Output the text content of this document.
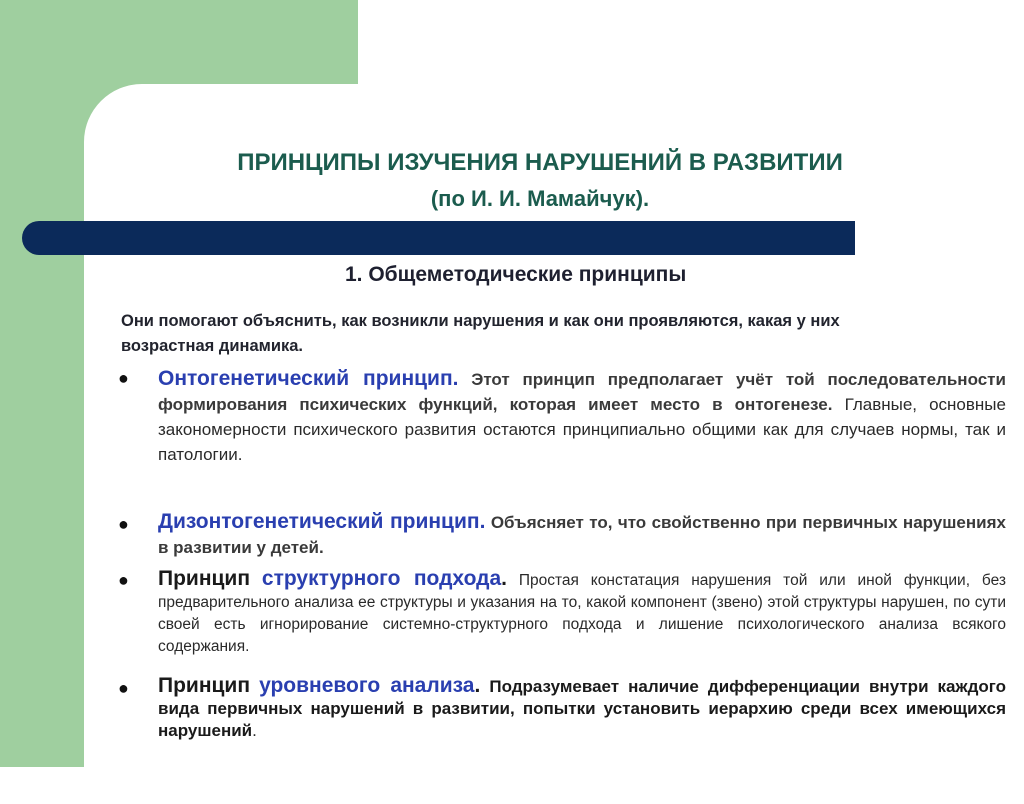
ПРИНЦИПЫ ИЗУЧЕНИЯ НАРУШЕНИЙ В РАЗВИТИИ
(по И. И. Мамайчук).
1. Общеметодические принципы
Они помогают объяснить, как возникли нарушения и как они проявляются, какая у них возрастная динамика.
● Онтогенетический принцип. Этот принцип предполагает учёт той последовательности формирования психических функций, которая имеет место в онтогенезе. Главные, основные закономерности психического развития остаются принципиально общими как для случаев нормы, так и патологии.
● Дизонтогенетический принцип. Объясняет то, что свойственно при первичных нарушениях в развитии у детей.
● Принцип структурного подхода. Простая констатация нарушения той или иной функции, без предварительного анализа ее структуры и указания на то, какой компонент (звено) этой структуры нарушен, по сути своей есть игнорирование системно-структурного подхода и лишение психологического анализа всякого содержания.
● Принцип уровневого анализа. Подразумевает наличие дифференциации внутри каждого вида первичных нарушений в развитии, попытки установить иерархию среди всех имеющихся нарушений.
